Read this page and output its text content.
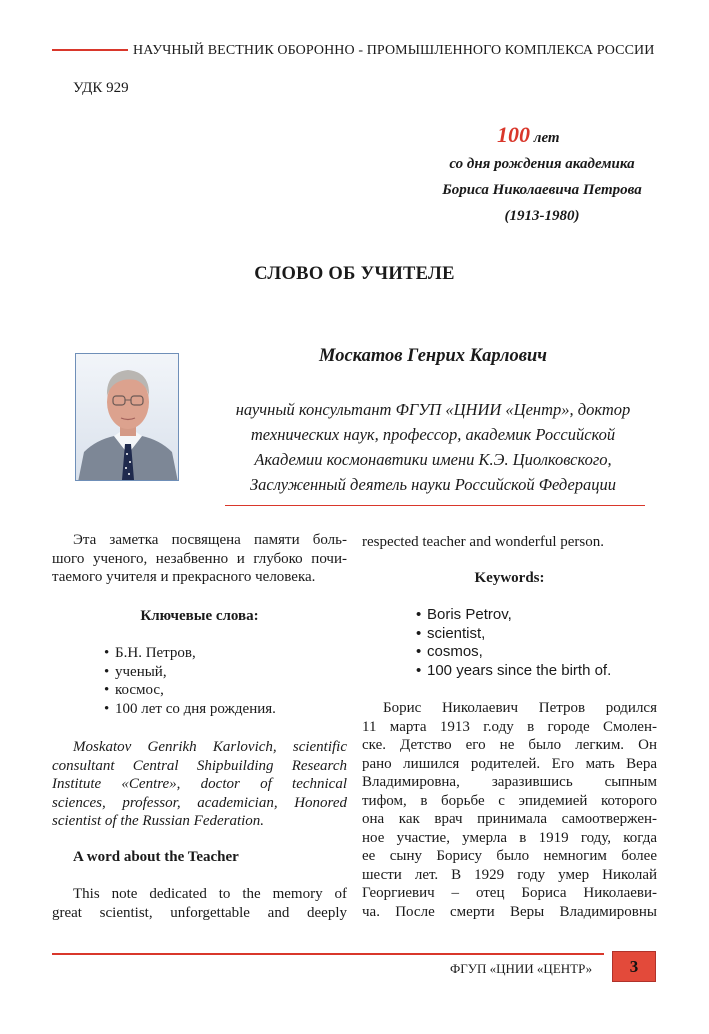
НАУЧНЫЙ ВЕСТНИК ОБОРОННО - ПРОМЫШЛЕННОГО КОМПЛЕКСА РОССИИ
УДК 929
100 лет
со дня рождения академика
Бориса Николаевича Петрова
(1913-1980)
СЛОВО ОБ УЧИТЕЛЕ
Москатов Генрих Карлович
научный консультант ФГУП «ЦНИИ «Центр», доктор
технических наук, профессор, академик Российской
Академии космонавтики имени К.Э. Циолковского,
Заслуженный деятель науки Российской Федерации

Эта заметка посвящена памяти боль-

шого ученого, незабвенно и глубоко почи-

таемого учителя и прекрасного человека.

Ключевые слова:
• Б.Н. Петров,
• ученый,
• космос,
• 100 лет со дня рождения.

Moskatov Genrikh Karlovich, scientific

consultant Central Shipbuilding Research

Institute «Centre», doctor of technical

sciences, professor, academician, Honored

scientist of the Russian Federation.

A word about the Teacher

This note dedicated to the memory of

great scientist, unforgettable and deeply

respected teacher and wonderful person.
Keywords:
• Boris Petrov,
• scientist,
• cosmos,
• 100 years since the birth of.

Борис Николаевич Петров родился

11 марта 1913 г.оду в городе Смолен-

ске. Детство его не было легким. Он

рано лишился родителей. Его мать Вера

Владимировна, заразившись сыпным

тифом, в борьбе с эпидемией которого

она как врач принимала самоотвержен-

ное участие, умерла в 1919 году, когда

ее сыну Борису было немногим более

шести лет. В 1929 году умер Николай

Георгиевич – отец Бориса Николаеви-

ча. После смерти Веры Владимировны

ФГУП «ЦНИИ «ЦЕНТР»	3
